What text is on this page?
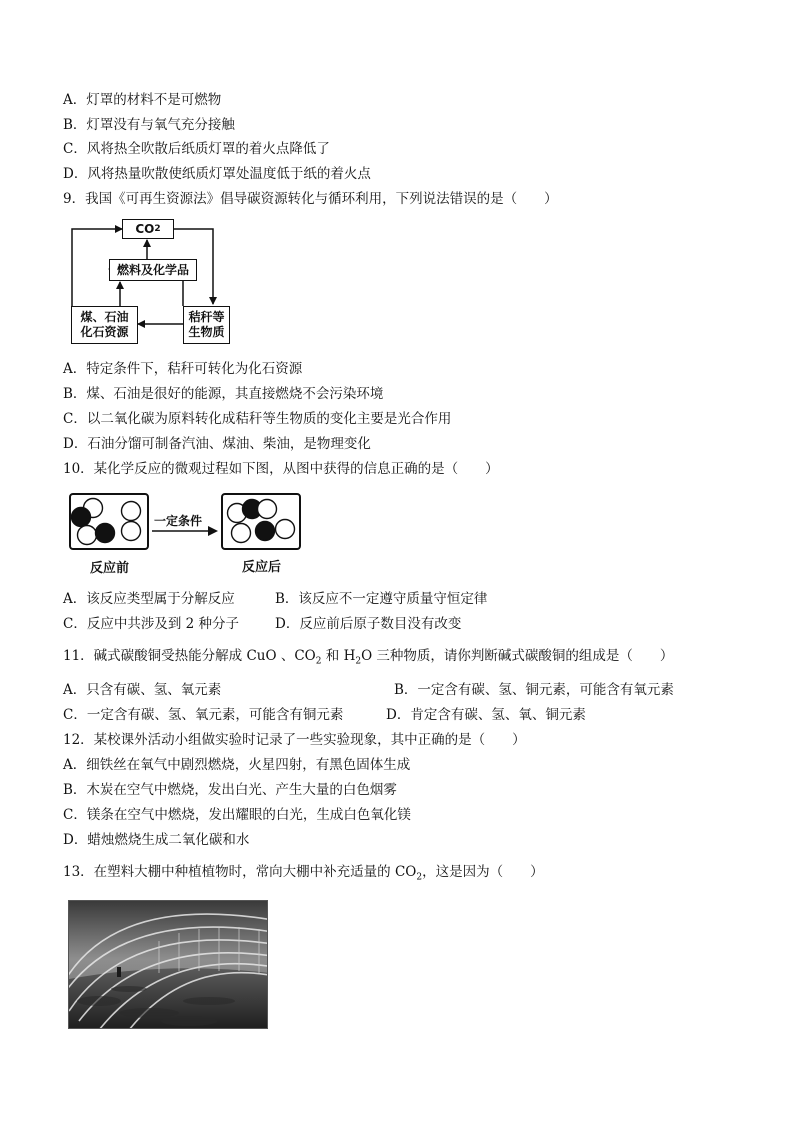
A．灯罩的材料不是可燃物
B．灯罩没有与氧气充分接触
C．风将热全吹散后纸质灯罩的着火点降低了
D．风将热量吹散使纸质灯罩处温度低于纸的着火点
9．我国《可再生资源法》倡导碳资源转化与循环利用，下列说法错误的是（　　）
CO 2
燃料及化学品
煤、石油
化石资源
秸秆等
生物质
A．特定条件下，秸秆可转化为化石资源
B．煤、石油是很好的能源，其直接燃烧不会污染环境
C．以二氧化碳为原料转化成秸秆等生物质的变化主要是光合作用
D．石油分馏可制备汽油、煤油、柴油，是物理变化
10．某化学反应的微观过程如下图，从图中获得的信息正确的是（　　）
一定条件
反应前	反应后
A．该反应类型属于分解反应	B．该反应不一定遵守质量守恒定律
C．反应中共涉及到 2 种分子	D．反应前后原子数目没有改变
11．碱式碳酸铜受热能分解成 CuO 、$CO_2$ 和 $H_2O$ 三种物质，请你判断碱式碳酸铜的组成是（　　）
A．只含有碳、氢、氧元素	B．一定含有碳、氢、铜元素，可能含有氧元素
C．一定含有碳、氢、氧元素，可能含有铜元素	D．肯定含有碳、氢、氧、铜元素
12．某校课外活动小组做实验时记录了一些实验现象，其中正确的是（　　）
A．细铁丝在氧气中剧烈燃烧，火星四射，有黑色固体生成
B．木炭在空气中燃烧，发出白光、产生大量的白色烟雾
C．镁条在空气中燃烧，发出耀眼的白光，生成白色氧化镁
D．蜡烛燃烧生成二氧化碳和水
13．在塑料大棚中种植植物时，常向大棚中补充适量的 $CO_2$，这是因为（　　）
